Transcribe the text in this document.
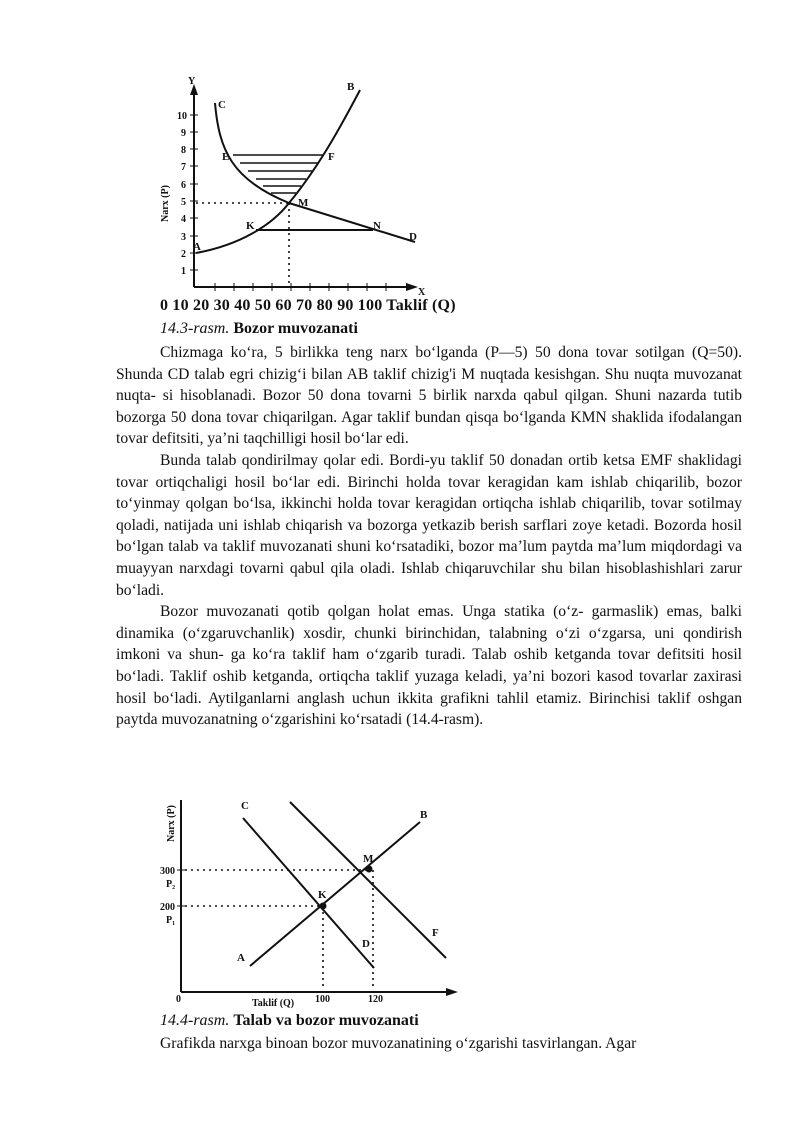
Y
X
Narx (P)
10
9
8
7
6
5
4
3
2
1
B
C
E	F
M
K	N
A
D
0 10 20 30 40 50 60 70 80 90 100 Taklif (Q)
14.3-rasm. Bozor muvozanati

Chizmaga ko‘ra, 5 birlikka teng narx bo‘lganda (P—5) 50 dona tovar sotilgan (Q=50). Shunda CD talab egri chizig‘i bilan AB taklif chizig'i M nuqtada kesishgan. Shu nuqta muvozanat nuqta- si hisoblanadi. Bozor 50 dona tovarni 5 birlik narxda qabul qilgan. Shuni nazarda tutib bozorga 50 dona tovar chiqarilgan. Agar taklif bundan qisqa bo‘lganda KMN shaklida ifodalangan tovar defitsiti, ya’ni taqchilligi hosil bo‘lar edi.

Bunda talab qondirilmay qolar edi. Bordi-yu taklif 50 donadan ortib ketsa EMF shaklidagi tovar ortiqchaligi hosil bo‘lar edi. Birinchi holda tovar keragidan kam ishlab chiqarilib, bozor to‘yinmay qolgan bo‘lsa, ikkinchi holda tovar keragidan ortiqcha ishlab chiqarilib, tovar sotilmay qoladi, natijada uni ishlab chiqarish va bozorga yetkazib berish sarflari zoye ketadi. Bozorda hosil bo‘lgan talab va taklif muvozanati shuni ko‘rsatadiki, bozor ma’lum paytda ma’lum miqdordagi va muayyan narxdagi tovarni qabul qila oladi. Ishlab chiqaruvchilar shu bilan hisoblashishlari zarur bo‘ladi.

Bozor muvozanati qotib qolgan holat emas. Unga statika (o‘z- garmaslik) emas, balki dinamika (o‘zgaruvchanlik) xosdir, chunki birinchidan, talabning o‘zi o‘zgarsa, uni qondirish imkoni va shun- ga ko‘ra taklif ham o‘zgarib turadi. Talab oshib ketganda tovar defitsiti hosil bo‘ladi. Taklif oshib ketganda, ortiqcha taklif yuzaga keladi, ya’ni bozori kasod tovarlar zaxirasi hosil bo‘ladi. Aytilganlarni anglash uchun ikkita grafikni tahlil etamiz. Birinchisi taklif oshgan paytda muvozanatning o‘zgarishini ko‘rsatadi (14.4-rasm).

Narx (P)
Taklif (Q)
0
300
P₂
200
P₁
100	120
C
B
M
K
F
D
A
14.4-rasm. Talab va bozor muvozanati

Grafikda narxga binoan bozor muvozanatining o‘zgarishi tasvirlangan. Agar
